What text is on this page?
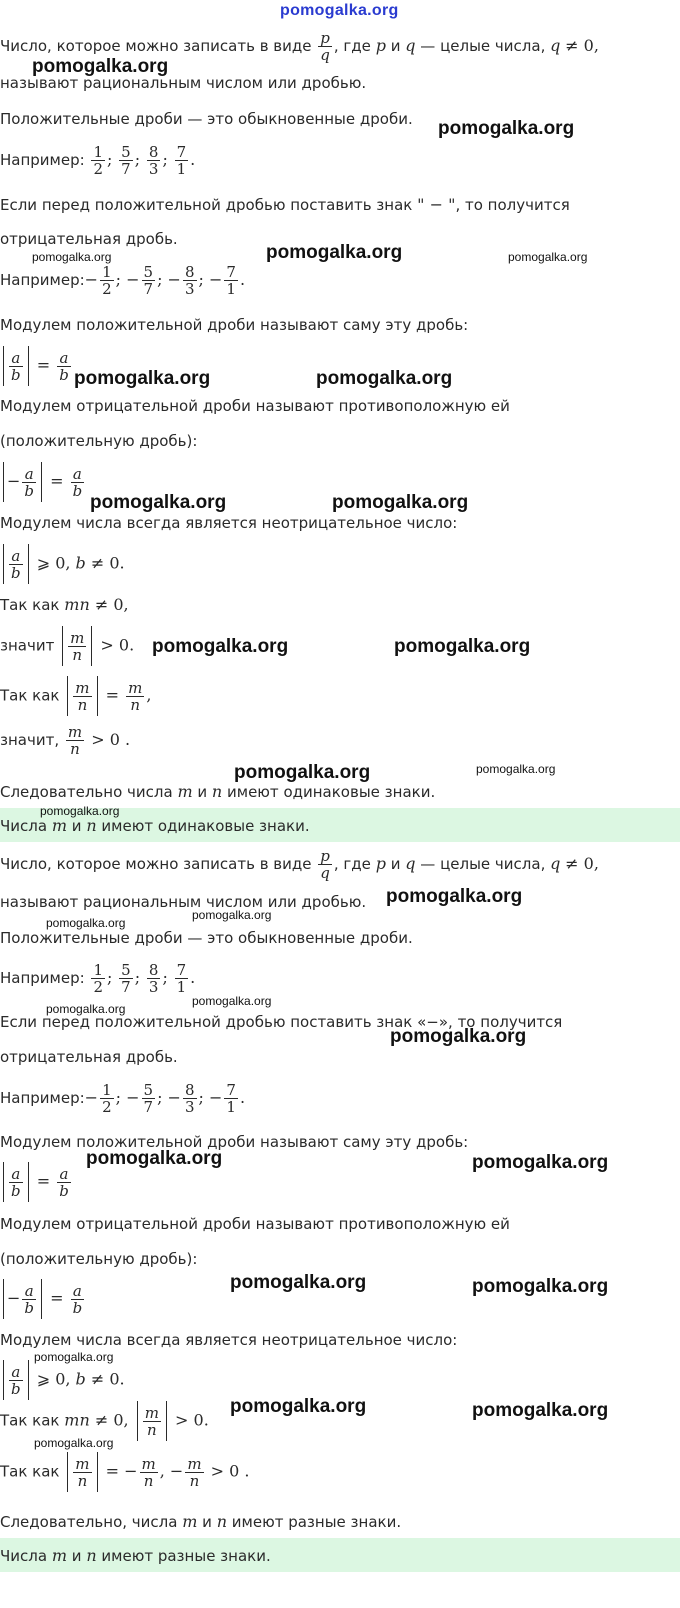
pomogalka.org
Число, которое можно записать в виде $\frac{p}{q}$ , где p и q — целые числа, q ≠ 0,
называют рациональным числом или дробью.
Положительные дроби — это обыкновенные дроби.
Например: $\frac{1}{2}$ ; $\frac{5}{7}$ ; $\frac{8}{3}$ ; $\frac{7}{1}$ .
Если перед положительной дробью поставить знак " − ", то получится
отрицательная дробь.
Например:− $\frac{1}{2}$ ; − $\frac{5}{7}$ ; − $\frac{8}{3}$ ; − $\frac{7}{1}$ .
Модулем положительной дроби называют саму эту дробь:
$\frac{a}{b} = \frac{a}{b}$
Модулем отрицательной дроби называют противоположную ей
(положительную дробь):
− $\frac{a}{b} = \frac{a}{b}$
Модулем числа всегда является неотрицательное число:
$\frac{a}{b}$ ⩾ 0, b ≠ 0.
Так как mn ≠ 0,
значит $\frac{m}{n} > 0$.
Так как $\frac{m}{n} = \frac{m}{n}$ ,
значит, $\frac{m}{n} > 0$ .
Следовательно числа m и n имеют одинаковые знаки.
Числа m и n имеют одинаковые знаки.
Число, которое можно записать в виде $\frac{p}{q}$ , где p и q — целые числа, q ≠ 0,
называют рациональным числом или дробью.
Положительные дроби — это обыкновенные дроби.
Например: $\frac{1}{2}$ ; $\frac{5}{7}$ ; $\frac{8}{3}$ ; $\frac{7}{1}$ .
Если перед положительной дробью поставить знак «−», то получится
отрицательная дробь.
Например:− $\frac{1}{2}$ ; − $\frac{5}{7}$ ; − $\frac{8}{3}$ ; − $\frac{7}{1}$ .
Модулем положительной дроби называют саму эту дробь:
$\frac{a}{b} = \frac{a}{b}$
Модулем отрицательной дроби называют противоположную ей
(положительную дробь):
− $\frac{a}{b} = \frac{a}{b}$
Модулем числа всегда является неотрицательное число:
$\frac{a}{b}$ ⩾ 0, b ≠ 0.
Так как mn ≠ 0, $\frac{m}{n} > 0$.
Так как $\frac{m}{n}$ = − $\frac{m}{n}$ , − $\frac{m}{n} > 0$ .
Следовательно, числа m и n имеют разные знаки.
Числа m и n имеют разные знаки.
pomogalka.org
pomogalka.org
pomogalka.org	pomogalka.org	pomogalka.org
pomogalka.org	pomogalka.org
pomogalka.org	pomogalka.org
pomogalka.org	pomogalka.org
pomogalka.org	pomogalka.org
pomogalka.org
pomogalka.org
pomogalka.org
pomogalka.org
pomogalka.org
pomogalka.org
pomogalka.org
pomogalka.org	pomogalka.org
pomogalka.org	pomogalka.org
pomogalka.org
pomogalka.org	pomogalka.org
pomogalka.org
